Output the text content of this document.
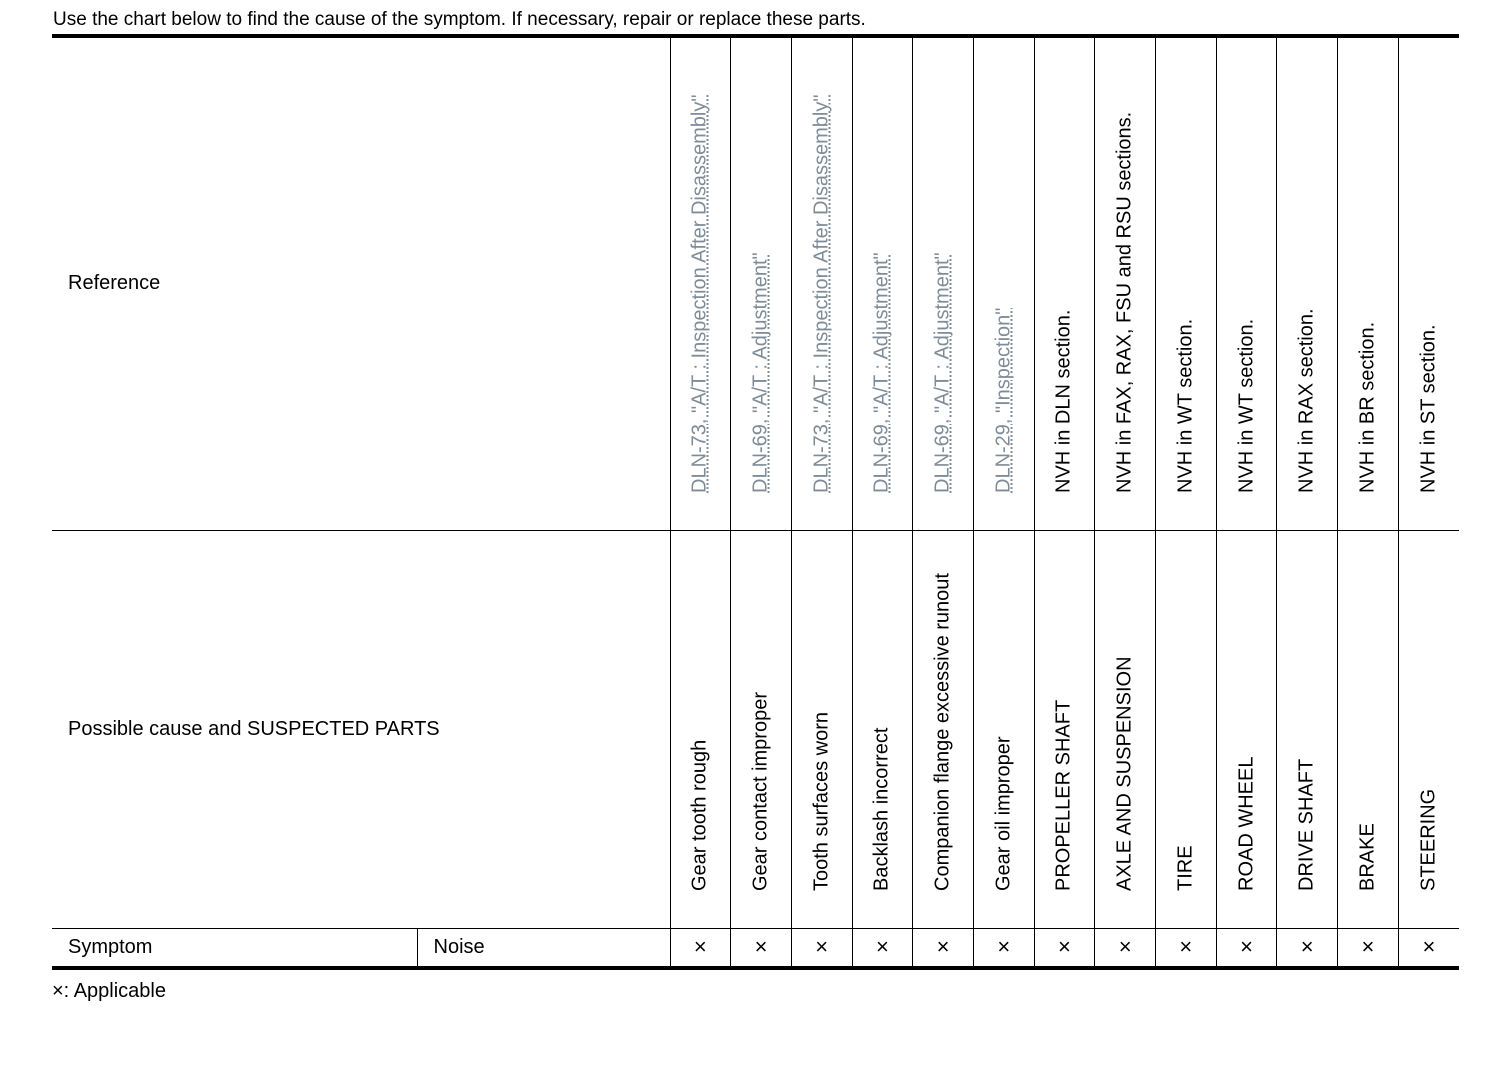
Use the chart below to find the cause of the symptom. If necessary, repair or replace these parts.
Reference		DLN-73, "A/T : Inspection After Disassembly"	DLN-69, "A/T : Adjustment"	DLN-73, "A/T : Inspection After Disassembly"	DLN-69, "A/T : Adjustment"	DLN-69, "A/T : Adjustment"	DLN-29, "Inspection"	NVH in DLN section.	NVH in FAX, RAX, FSU and RSU sections.	NVH in WT section.	NVH in WT section.	NVH in RAX section.	NVH in BR section.	NVH in ST section.

Possible cause and SUSPECTED PARTS		Gear tooth rough	Gear contact improper	Tooth surfaces worn	Backlash incorrect	Companion flange excessive runout	Gear oil improper	PROPELLER SHAFT	AXLE AND SUSPENSION	TIRE	ROAD WHEEL	DRIVE SHAFT	BRAKE	STEERING

Symptom	Noise	×	×	×	×	×	×	×	×	×	×	×	×	×
×: Applicable
